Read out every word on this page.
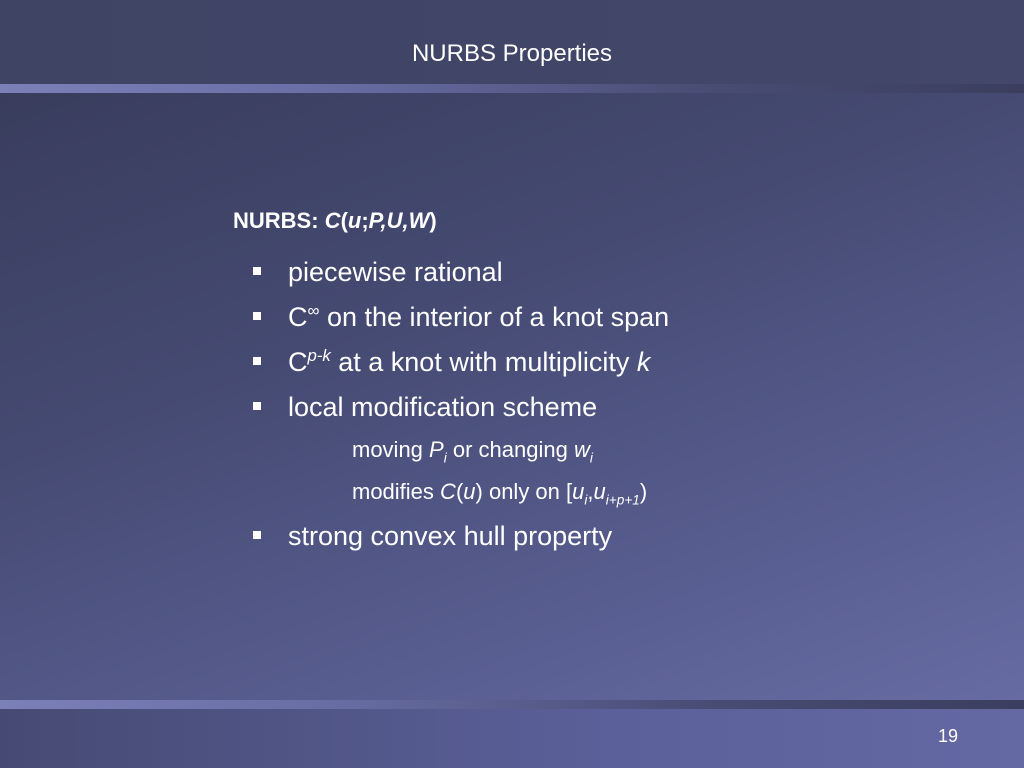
NURBS Properties
NURBS: C(u;P,U,W)
piecewise rational
C∞ on the interior of a knot span
$C^{p-k}$ at a knot with multiplicity k
local modification scheme
moving $P_i$ or changing $w_i$
modifies C(u) only on $[u_i,u_{i+p+1})$
strong convex hull property
19
